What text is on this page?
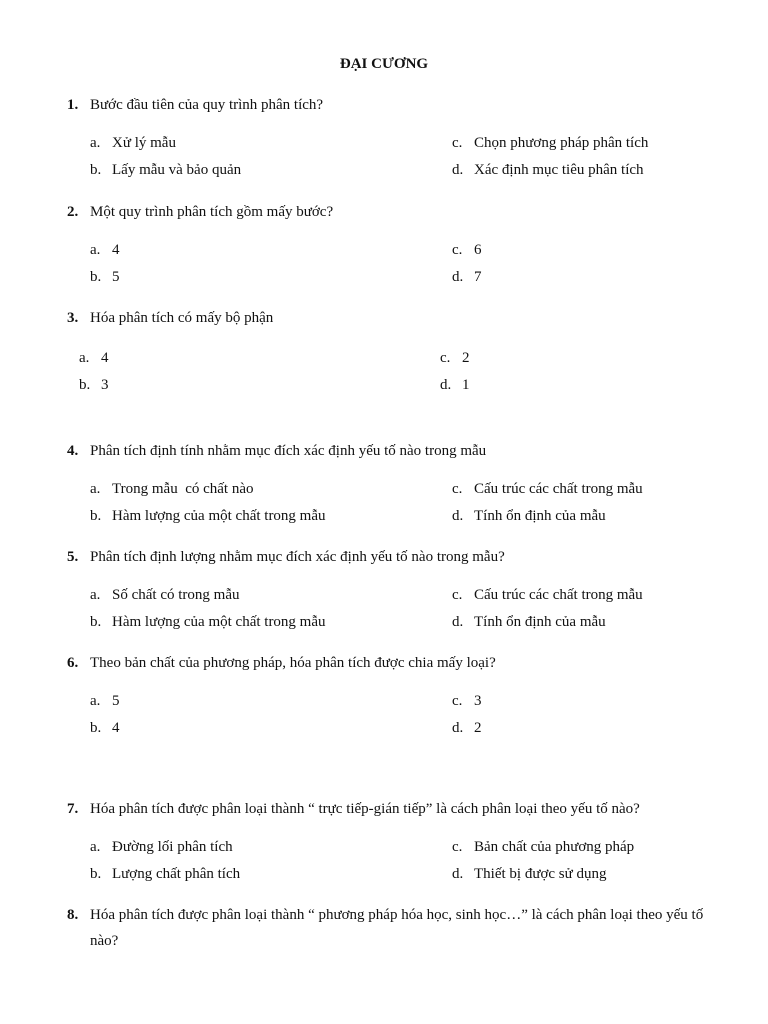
ĐẠI CƯƠNG
1. Bước đầu tiên của quy trình phân tích?
a. Xử lý mẫu	c. Chọn phương pháp phân tích
b. Lấy mẫu và bảo quản	d. Xác định mục tiêu phân tích
2. Một quy trình phân tích gồm mấy bước?
a. 4	c. 6
b. 5	d. 7
3. Hóa phân tích có mấy bộ phận
a. 4	c. 2
b. 3	d. 1
4. Phân tích định tính nhằm mục đích xác định yếu tố nào trong mẫu
a. Trong mẫu  có chất nào	c. Cấu trúc các chất trong mẫu
b. Hàm lượng của một chất trong mẫu	d. Tính ổn định của mẫu
5. Phân tích định lượng nhằm mục đích xác định yếu tố nào trong mẫu?
a. Số chất có trong mẫu	c. Cấu trúc các chất trong mẫu
b. Hàm lượng của một chất trong mẫu	d. Tính ổn định của mẫu
6. Theo bản chất của phương pháp, hóa phân tích được chia mấy loại?
a. 5	c. 3
b. 4	d. 2
7. Hóa phân tích được phân loại thành “ trực tiếp-gián tiếp” là cách phân loại theo yếu tố nào?
a. Đường lối phân tích	c. Bản chất của phương pháp
b. Lượng chất phân tích	d. Thiết bị được sử dụng
8. Hóa phân tích được phân loại thành “ phương pháp hóa học, sinh học…” là cách phân loại theo yếu tố nào?
